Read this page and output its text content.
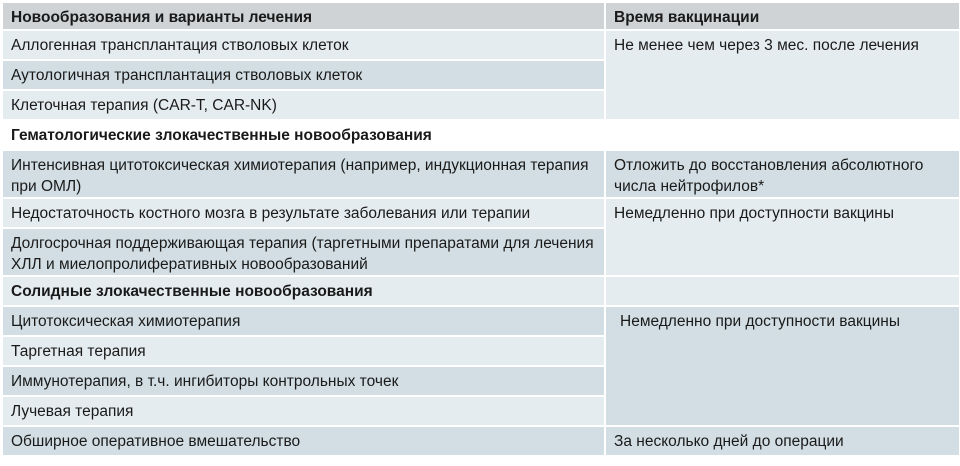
Новообразования и варианты лечения	Время вакцинации
Аллогенная трансплантация стволовых клеток	Не менее чем через 3 мес. после лечения
Аутологичная трансплантация стволовых клеток	
Клеточная терапия (CAR-T, CAR-NK)	
Гематологические злокачественные новообразования	
Интенсивная цитотоксическая химиотерапия (например, индукционная терапия при ОМЛ)	Отложить до восстановления абсолютного числа нейтрофилов*
Недостаточность костного мозга в результате заболевания или терапии	Немедленно при доступности вакцины
Долгосрочная поддерживающая терапия (таргетными препаратами для лечения ХЛЛ и миелопролиферативных новообразований	
Солидные злокачественные новообразования	
Цитотоксическая химиотерапия	Немедленно при доступности вакцины
Таргетная терапия	
Иммунотерапия, в т.ч. ингибиторы контрольных точек	
Лучевая терапия	
Обширное оперативное вмешательство	За несколько дней до операции
